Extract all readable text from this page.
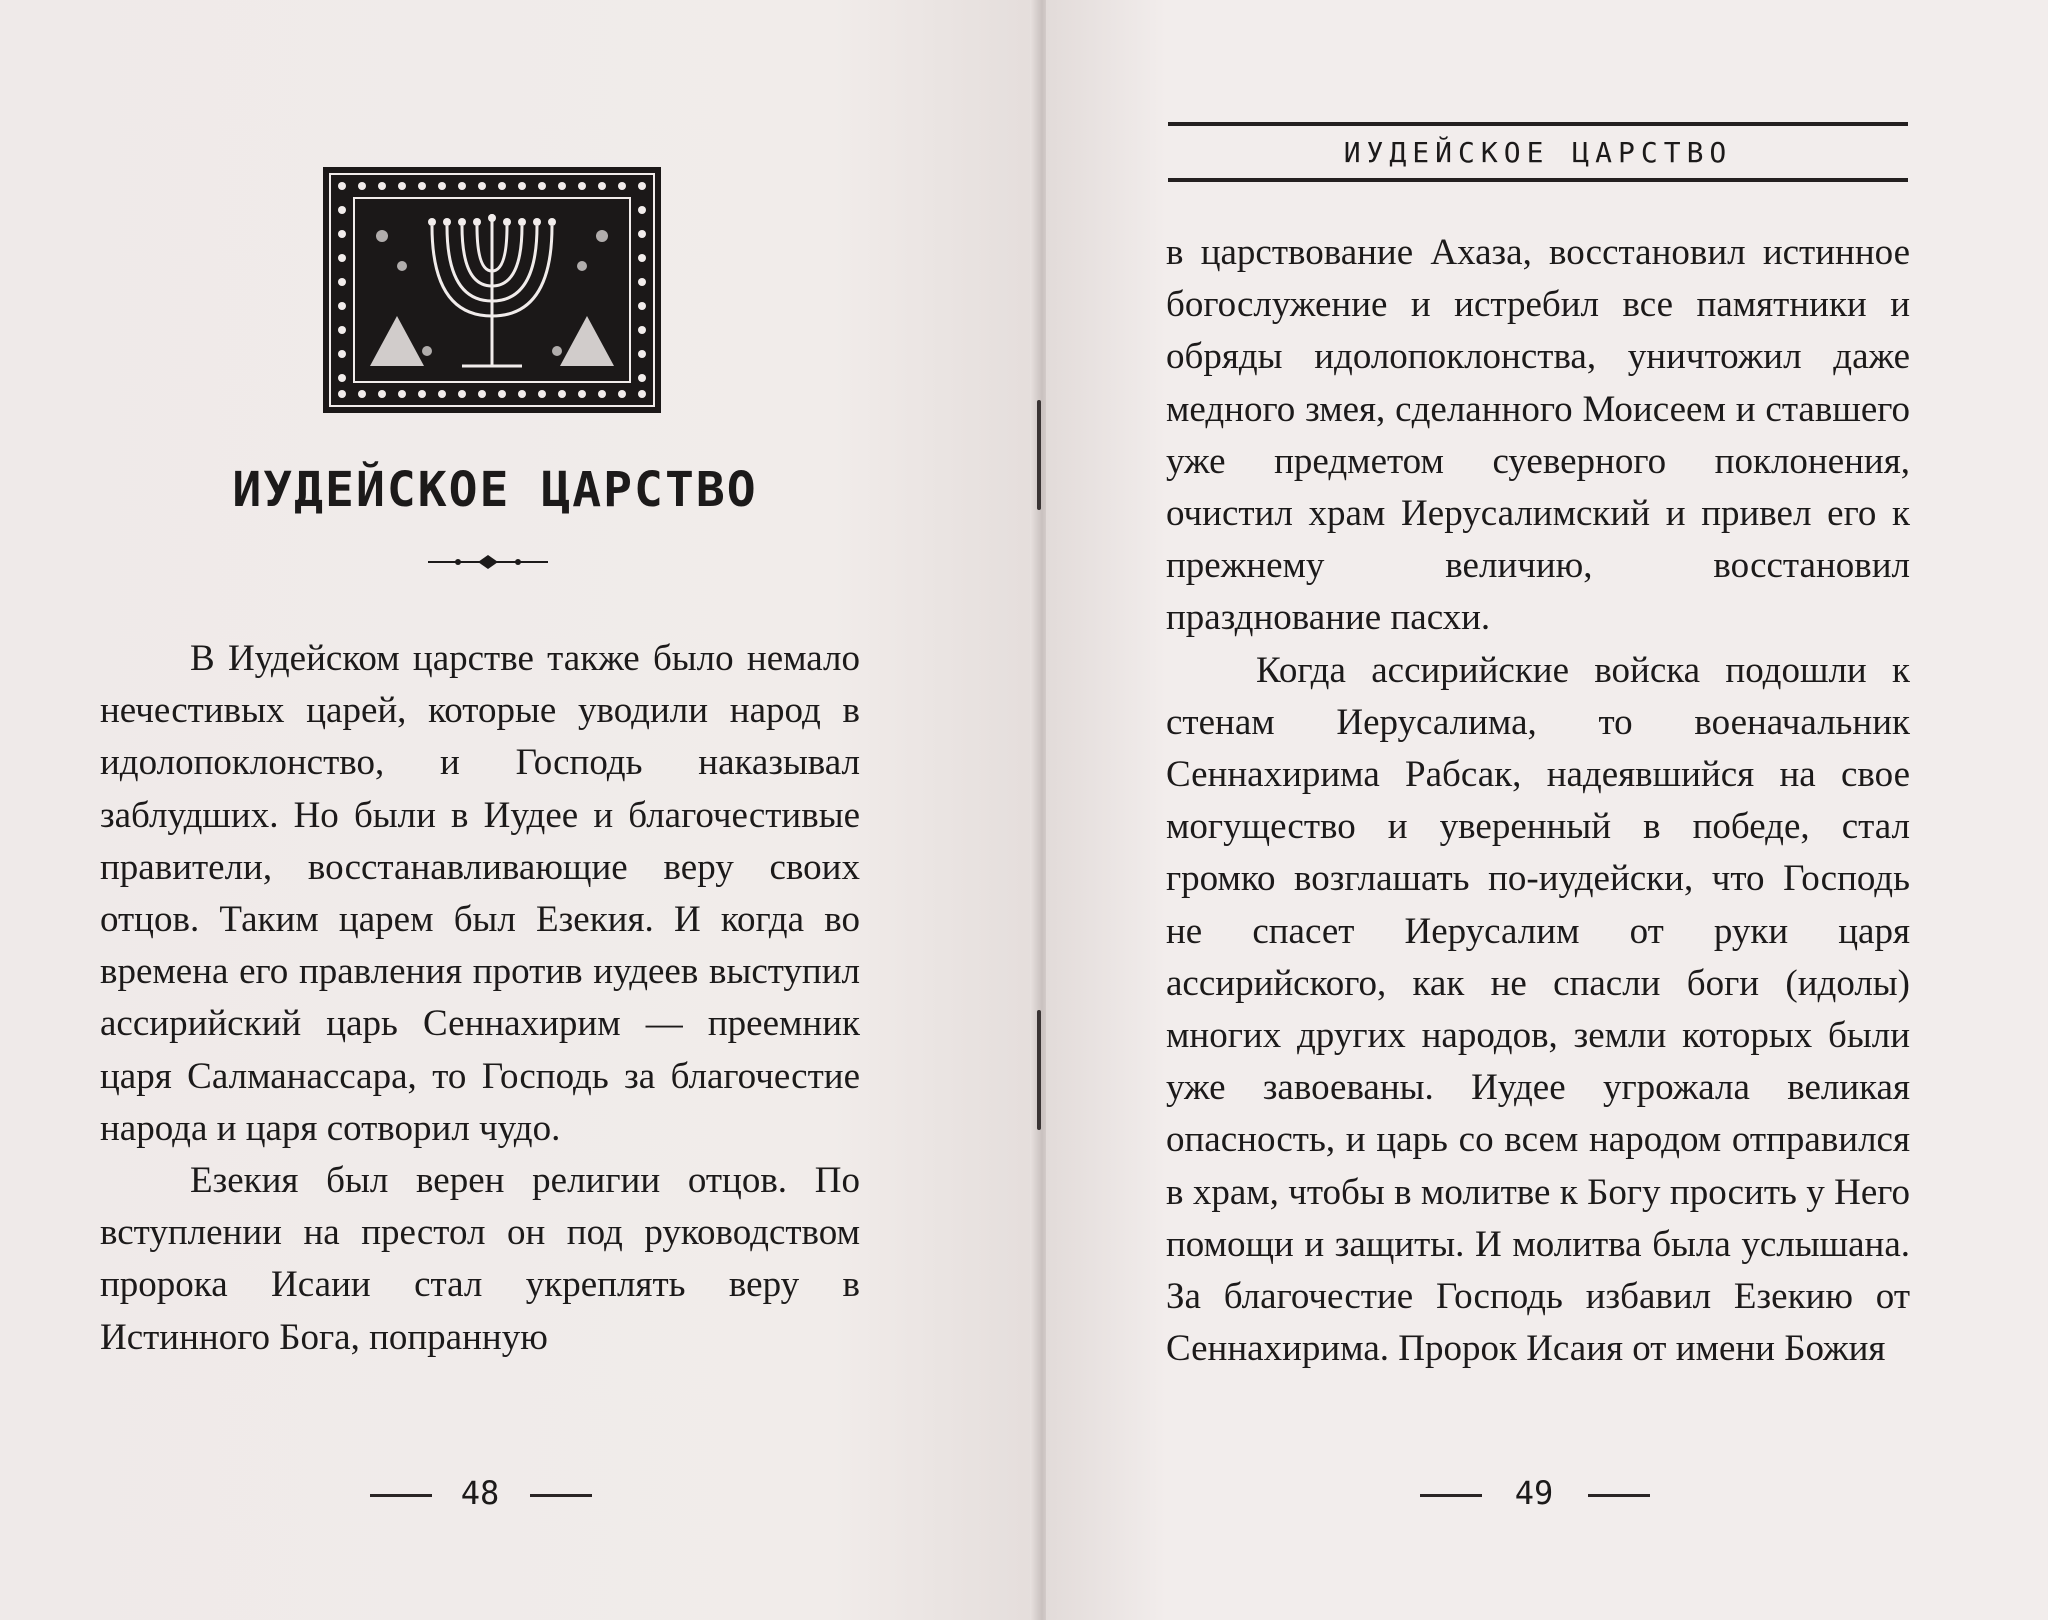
ИУДЕЙСКОЕ ЦАРСТВО

В Иудейском царстве также было немало нечестивых царей, которые уводили народ в идолопоклонство, и Господь наказывал заблудших. Но были в Иудее и благочестивые правители, восстанавливающие веру своих отцов. Таким царем был Езекия. И когда во времена его правления против иудеев выступил ассирийский царь Сеннахирим — преемник царя Салманассара, то Господь за благочестие народа и царя сотворил чудо.

Езекия был верен религии отцов. По вступлении на престол он под руководством пророка Исаии стал укреплять веру в Истинного Бога, попранную

48
ИУДЕЙСКОЕ ЦАРСТВО

в царствование Ахаза, восстановил истинное богослужение и истребил все памятники и обряды идолопоклонства, уничтожил даже медного змея, сделанного Моисеем и ставшего уже предметом суеверного поклонения, очистил храм Иерусалимский и привел его к прежнему величию, восстановил празднование пасхи.

Когда ассирийские войска подошли к стенам Иерусалима, то военачальник Сеннахирима Рабсак, надеявшийся на свое могущество и уверенный в победе, стал громко возглашать по-иудейски, что Господь не спасет Иерусалим от руки царя ассирийского, как не спасли боги (идолы) многих других народов, земли которых были уже завоеваны. Иудее угрожала великая опасность, и царь со всем народом отправился в храм, чтобы в молитве к Богу просить у Него помощи и защиты. И молитва была услышана. За благочестие Господь избавил Езекию от Сеннахирима. Пророк Исаия от имени Божия

49
